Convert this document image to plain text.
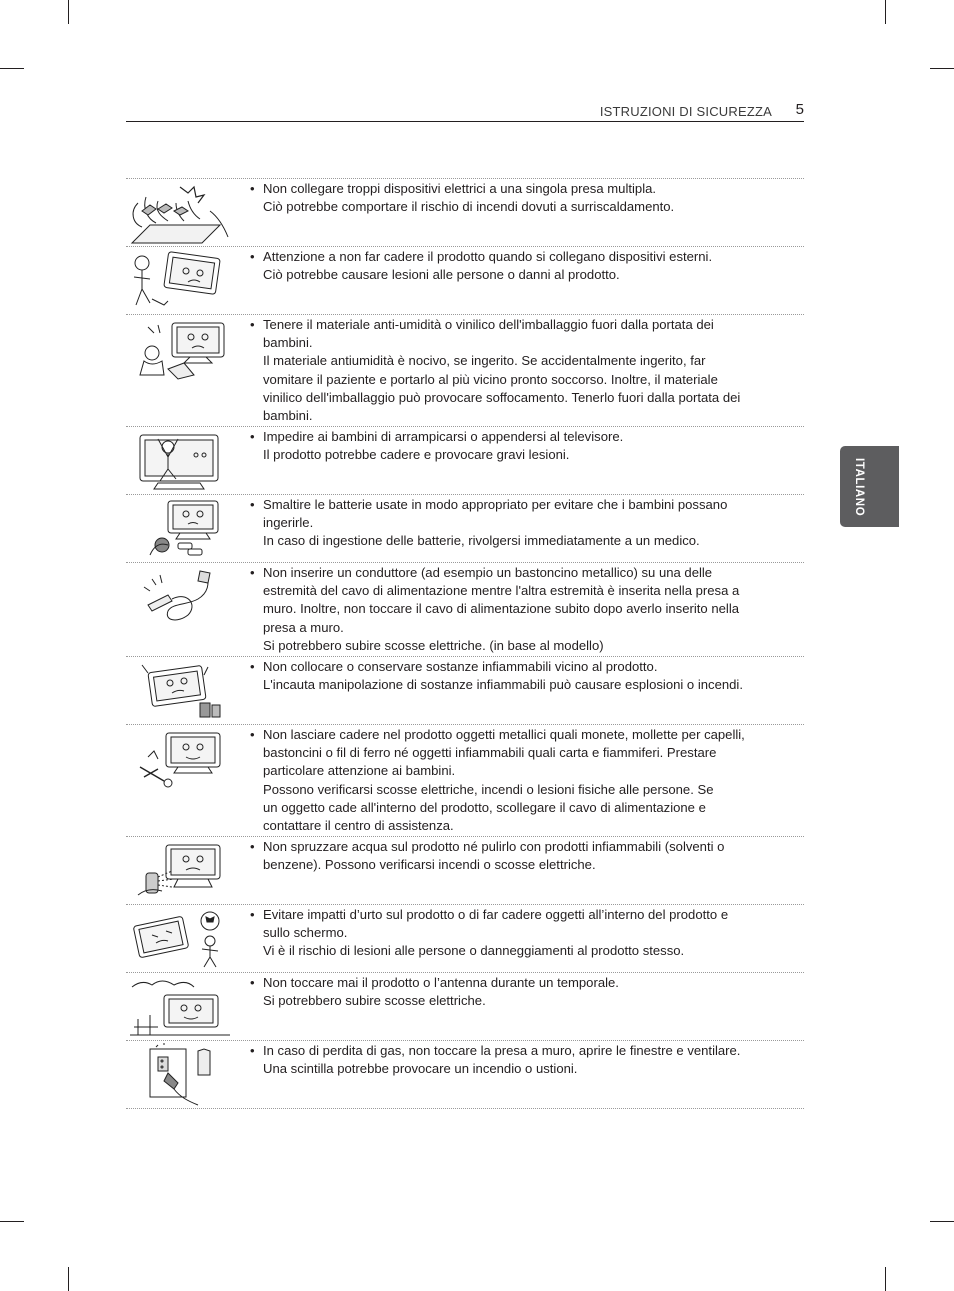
ISTRUZIONI DI SICUREZZA 5
ITALIANO
• Non collegare troppi dispositivi elettrici a una singola presa multipla.

Ciò potrebbe comportare il rischio di incendi dovuti a surriscaldamento.

• Attenzione a non far cadere il prodotto quando si collegano dispositivi esterni.

Ciò potrebbe causare lesioni alle persone o danni al prodotto.

• Tenere il materiale anti-umidità o vinilico dell'imballaggio fuori dalla portata dei

bambini.

Il materiale antiumidità è nocivo, se ingerito. Se accidentalmente ingerito, far

vomitare il paziente e portarlo al più vicino pronto soccorso. Inoltre, il materiale

vinilico dell'imballaggio può provocare soffocamento. Tenerlo fuori dalla portata dei

bambini.

• Impedire ai bambini di arrampicarsi o appendersi al televisore.

Il prodotto potrebbe cadere e provocare gravi lesioni.

• Smaltire le batterie usate in modo appropriato per evitare che i bambini possano

ingerirle.

In caso di ingestione delle batterie, rivolgersi immediatamente a un medico.

• Non inserire un conduttore (ad esempio un bastoncino metallico) su una delle

estremità del cavo di alimentazione mentre l'altra estremità è inserita nella presa a

muro. Inoltre, non toccare il cavo di alimentazione subito dopo averlo inserito nella

presa a muro.

Si potrebbero subire scosse elettriche. (in base al modello)

• Non collocare o conservare sostanze infiammabili vicino al prodotto.

L'incauta manipolazione di sostanze infiammabili può causare esplosioni o incendi.

• Non lasciare cadere nel prodotto oggetti metallici quali monete, mollette per capelli,

bastoncini o fil di ferro né oggetti infiammabili quali carta e fiammiferi. Prestare

particolare attenzione ai bambini.

Possono verificarsi scosse elettriche, incendi o lesioni fisiche alle persone. Se

un oggetto cade all'interno del prodotto, scollegare il cavo di alimentazione e

contattare il centro di assistenza.

• Non spruzzare acqua sul prodotto né pulirlo con prodotti infiammabili (solventi o

benzene). Possono verificarsi incendi o scosse elettriche.

• Evitare impatti d’urto sul prodotto o di far cadere oggetti all’interno del prodotto e

sullo schermo.

Vi è il rischio di lesioni alle persone o danneggiamenti al prodotto stesso.

• Non toccare mai il prodotto o l’antenna durante un temporale.

Si potrebbero subire scosse elettriche.

• In caso di perdita di gas, non toccare la presa a muro, aprire le finestre e ventilare.

Una scintilla potrebbe provocare un incendio o ustioni.
